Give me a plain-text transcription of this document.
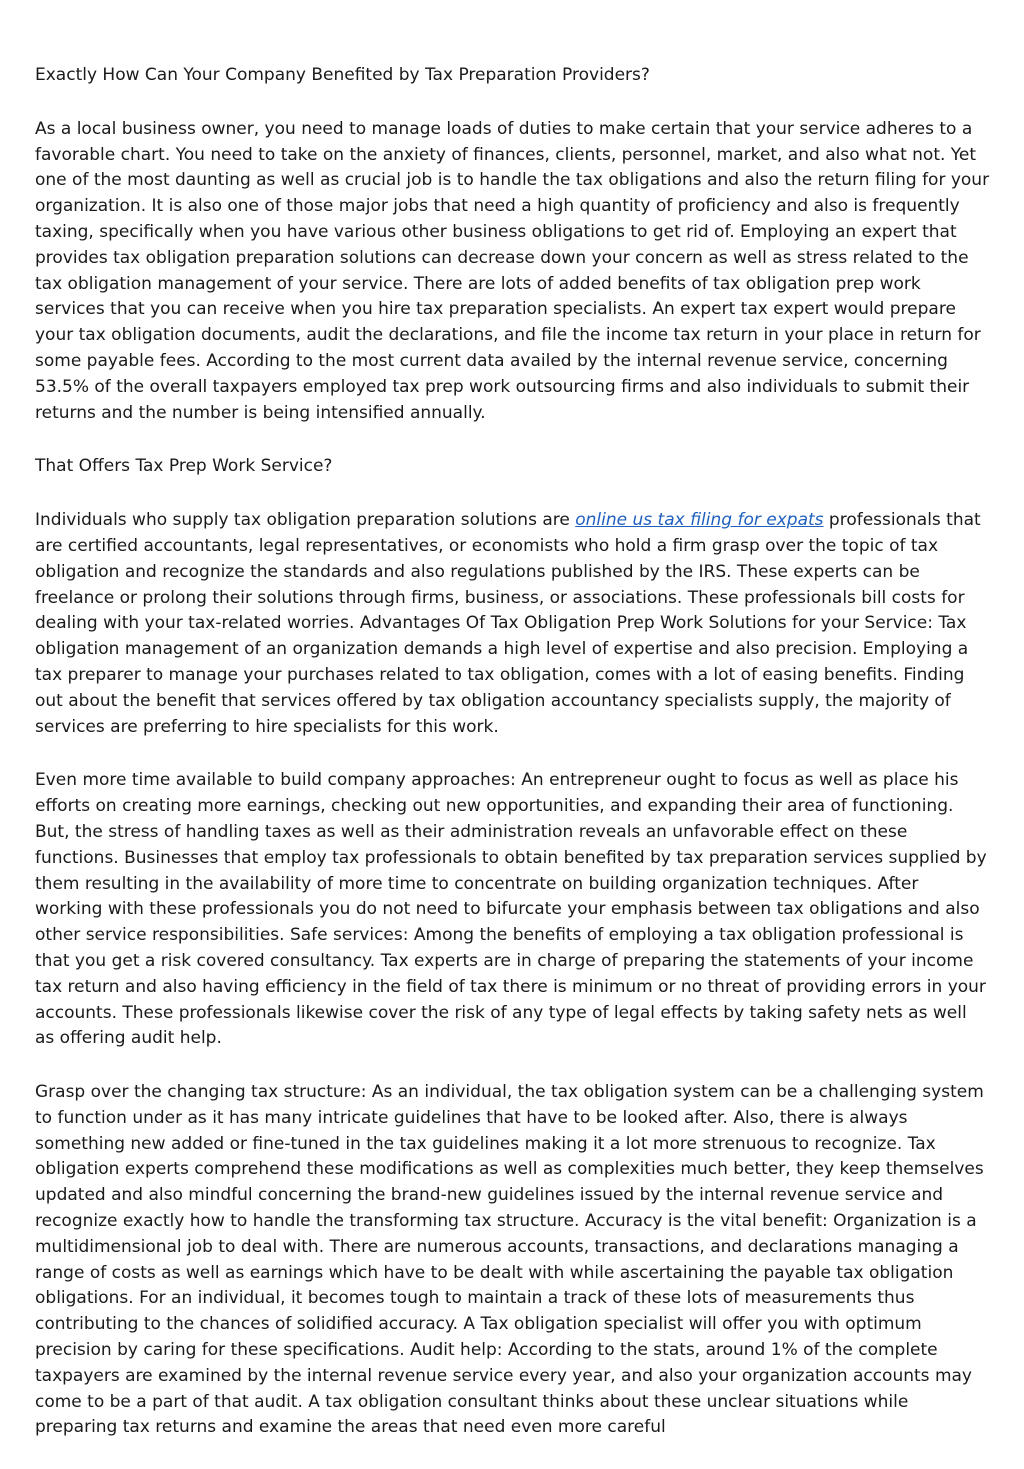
Exactly How Can Your Company Benefited by Tax Preparation Providers?

As a local business owner, you need to manage loads of duties to make certain that your service adheres to a favorable chart. You need to take on the anxiety of finances, clients, personnel, market, and also what not. Yet one of the most daunting as well as crucial job is to handle the tax obligations and also the return filing for your organization. It is also one of those major jobs that need a high quantity of proficiency and also is frequently taxing, specifically when you have various other business obligations to get rid of. Employing an expert that provides tax obligation preparation solutions can decrease down your concern as well as stress related to the tax obligation management of your service. There are lots of added benefits of tax obligation prep work services that you can receive when you hire tax preparation specialists. An expert tax expert would prepare your tax obligation documents, audit the declarations, and file the income tax return in your place in return for some payable fees. According to the most current data availed by the internal revenue service, concerning 53.5% of the overall taxpayers employed tax prep work outsourcing firms and also individuals to submit their returns and the number is being intensified annually.

That Offers Tax Prep Work Service?

Individuals who supply tax obligation preparation solutions are online us tax filing for expats professionals that are certified accountants, legal representatives, or economists who hold a firm grasp over the topic of tax obligation and recognize the standards and also regulations published by the IRS. These experts can be freelance or prolong their solutions through firms, business, or associations. These professionals bill costs for dealing with your tax-related worries. Advantages Of Tax Obligation Prep Work Solutions for your Service: Tax obligation management of an organization demands a high level of expertise and also precision. Employing a tax preparer to manage your purchases related to tax obligation, comes with a lot of easing benefits. Finding out about the benefit that services offered by tax obligation accountancy specialists supply, the majority of services are preferring to hire specialists for this work.

Even more time available to build company approaches: An entrepreneur ought to focus as well as place his efforts on creating more earnings, checking out new opportunities, and expanding their area of functioning. But, the stress of handling taxes as well as their administration reveals an unfavorable effect on these functions. Businesses that employ tax professionals to obtain benefited by tax preparation services supplied by them resulting in the availability of more time to concentrate on building organization techniques. After working with these professionals you do not need to bifurcate your emphasis between tax obligations and also other service responsibilities. Safe services: Among the benefits of employing a tax obligation professional is that you get a risk covered consultancy. Tax experts are in charge of preparing the statements of your income tax return and also having efficiency in the field of tax there is minimum or no threat of providing errors in your accounts. These professionals likewise cover the risk of any type of legal effects by taking safety nets as well as offering audit help.

Grasp over the changing tax structure: As an individual, the tax obligation system can be a challenging system to function under as it has many intricate guidelines that have to be looked after. Also, there is always something new added or fine-tuned in the tax guidelines making it a lot more strenuous to recognize. Tax obligation experts comprehend these modifications as well as complexities much better, they keep themselves updated and also mindful concerning the brand-new guidelines issued by the internal revenue service and recognize exactly how to handle the transforming tax structure. Accuracy is the vital benefit: Organization is a multidimensional job to deal with. There are numerous accounts, transactions, and declarations managing a range of costs as well as earnings which have to be dealt with while ascertaining the payable tax obligation obligations. For an individual, it becomes tough to maintain a track of these lots of measurements thus contributing to the chances of solidified accuracy. A Tax obligation specialist will offer you with optimum precision by caring for these specifications. Audit help: According to the stats, around 1% of the complete taxpayers are examined by the internal revenue service every year, and also your organization accounts may come to be a part of that audit. A tax obligation consultant thinks about these unclear situations while preparing tax returns and examine the areas that need even more careful
